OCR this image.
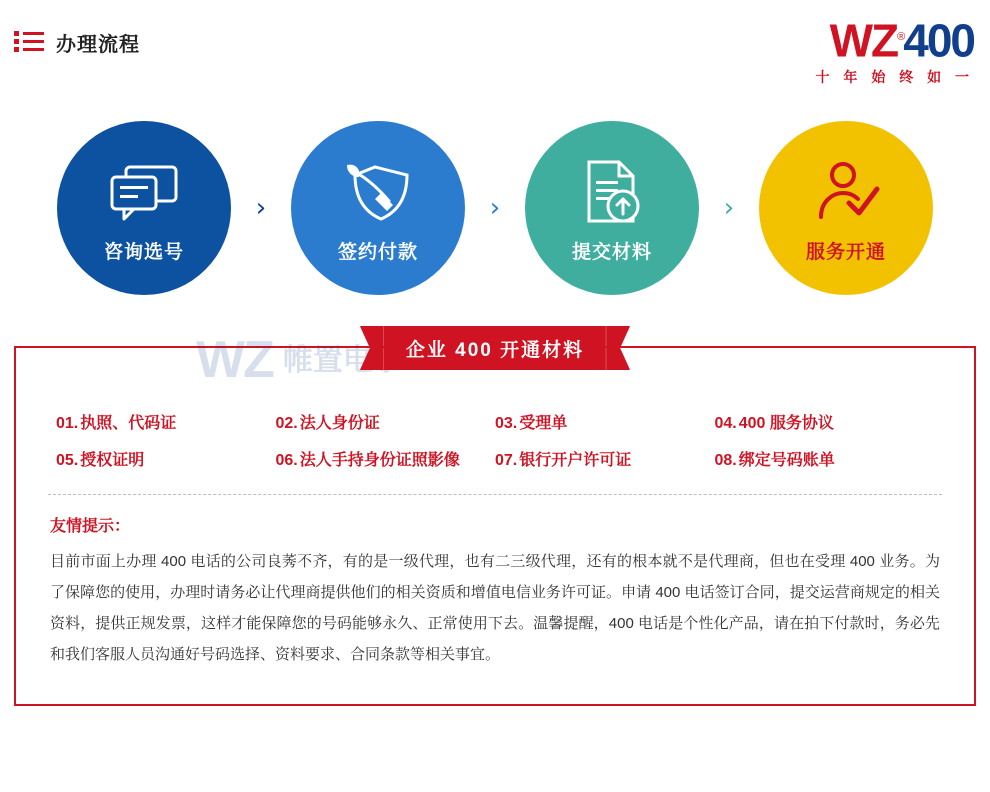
办理流程	WZ®400
十 年 始 终 如 一
咨询选号
›
签约付款
›
提交材料
›
服务开通
WZ 帷置电子 企业 400 开通材料
01. 执照、代码证	02. 法人身份证	03. 受理单	04. 400 服务协议
05. 授权证明	06. 法人手持身份证照影像	07. 银行开户许可证	08. 绑定号码账单
友情提示：

目前市面上办理 400 电话的公司良莠不齐，有的是一级代理，也有二三级代理，还有的根本就不是代理商，但也在受理 400 业务。为了保障您的使用，办理时请务必让代理商提供他们的相关资质和增值电信业务许可证。申请 400 电话签订合同，提交运营商规定的相关资料，提供正规发票，这样才能保障您的号码能够永久、正常使用下去。温馨提醒，400 电话是个性化产品，请在拍下付款时，务必先和我们客服人员沟通好号码选择、资料要求、合同条款等相关事宜。
